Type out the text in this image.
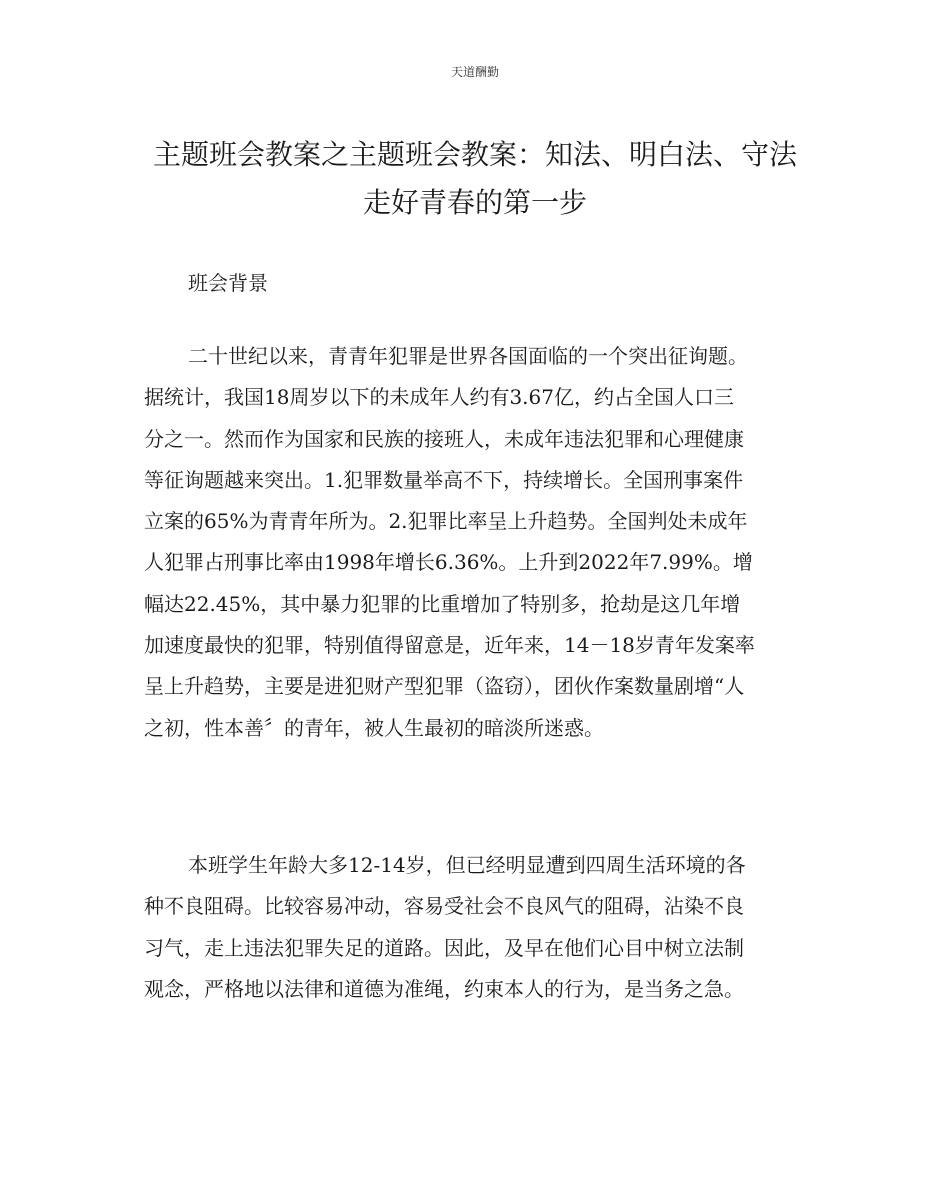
天道酬勤
主题班会教案之主题班会教案：知法、明白法、守法
走好青春的第一步
班会背景

二十世纪以来，青青年犯罪是世界各国面临的一个突出征询题。
据统计，我国18周岁以下的未成年人约有3.67亿，约占全国人口三
分之一。然而作为国家和民族的接班人，未成年违法犯罪和心理健康
等征询题越来突出。1.犯罪数量举高不下，持续增长。全国刑事案件
立案的65%为青青年所为。2.犯罪比率呈上升趋势。全国判处未成年
人犯罪占刑事比率由1998年增长6.36%。上升到2022年7.99%。增
幅达22.45%，其中暴力犯罪的比重增加了特别多，抢劫是这几年增
加速度最快的犯罪，特别值得留意是，近年来，14－18岁青年发案率
呈上升趋势，主要是进犯财产型犯罪（盗窃），团伙作案数量剧增“人
之初，性本善〞的青年，被人生最初的暗淡所迷惑。

本班学生年龄大多12-14岁，但已经明显遭到四周生活环境的各
种不良阻碍。比较容易冲动，容易受社会不良风气的阻碍，沾染不良
习气，走上违法犯罪失足的道路。因此，及早在他们心目中树立法制
观念，严格地以法律和道德为准绳，约束本人的行为，是当务之急。
